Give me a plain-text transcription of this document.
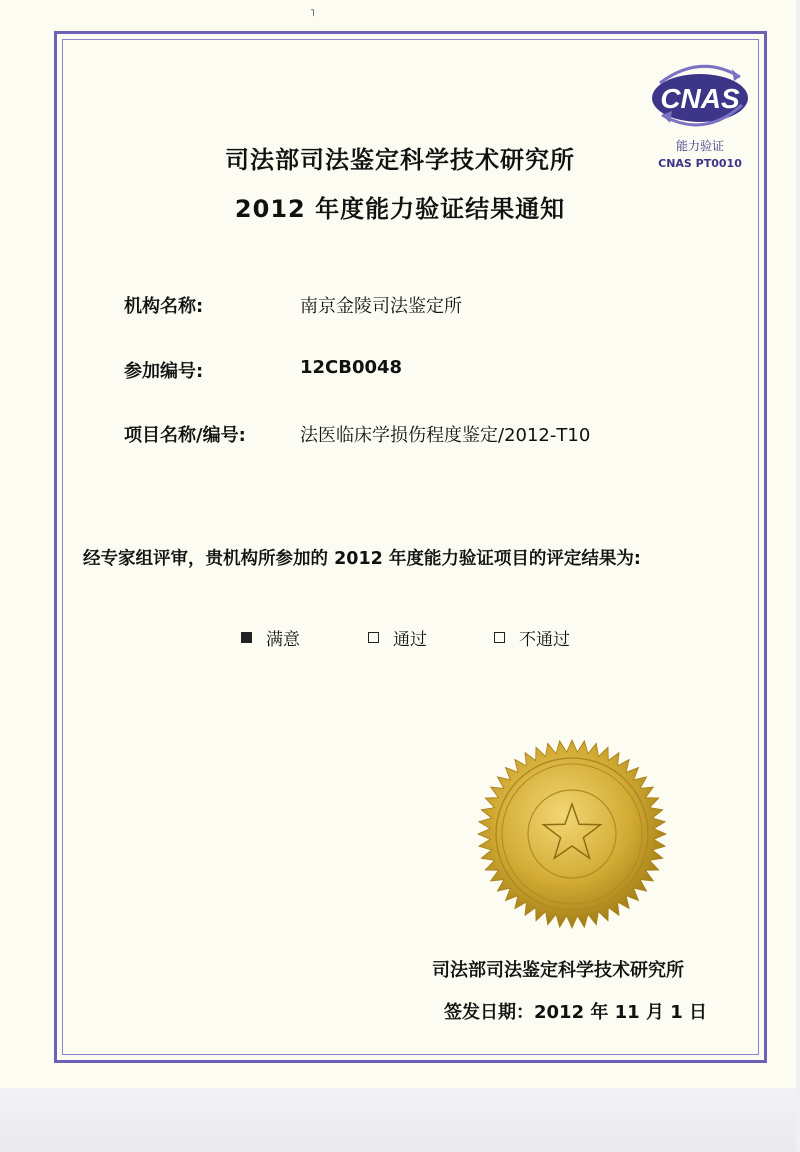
˥
CNAS
能力验证
CNAS PT0010
司法部司法鉴定科学技术研究所
2012 年度能力验证结果通知
机构名称:	南京金陵司法鉴定所
参加编号:	12CB0048
项目名称/编号:	法医临床学损伤程度鉴定/2012-T10
经专家组评审，贵机构所参加的 2012 年度能力验证项目的评定结果为:
满意	通过	不通过
司法部司法鉴定科学技术研究所
签发日期：2012 年 11 月 1 日
